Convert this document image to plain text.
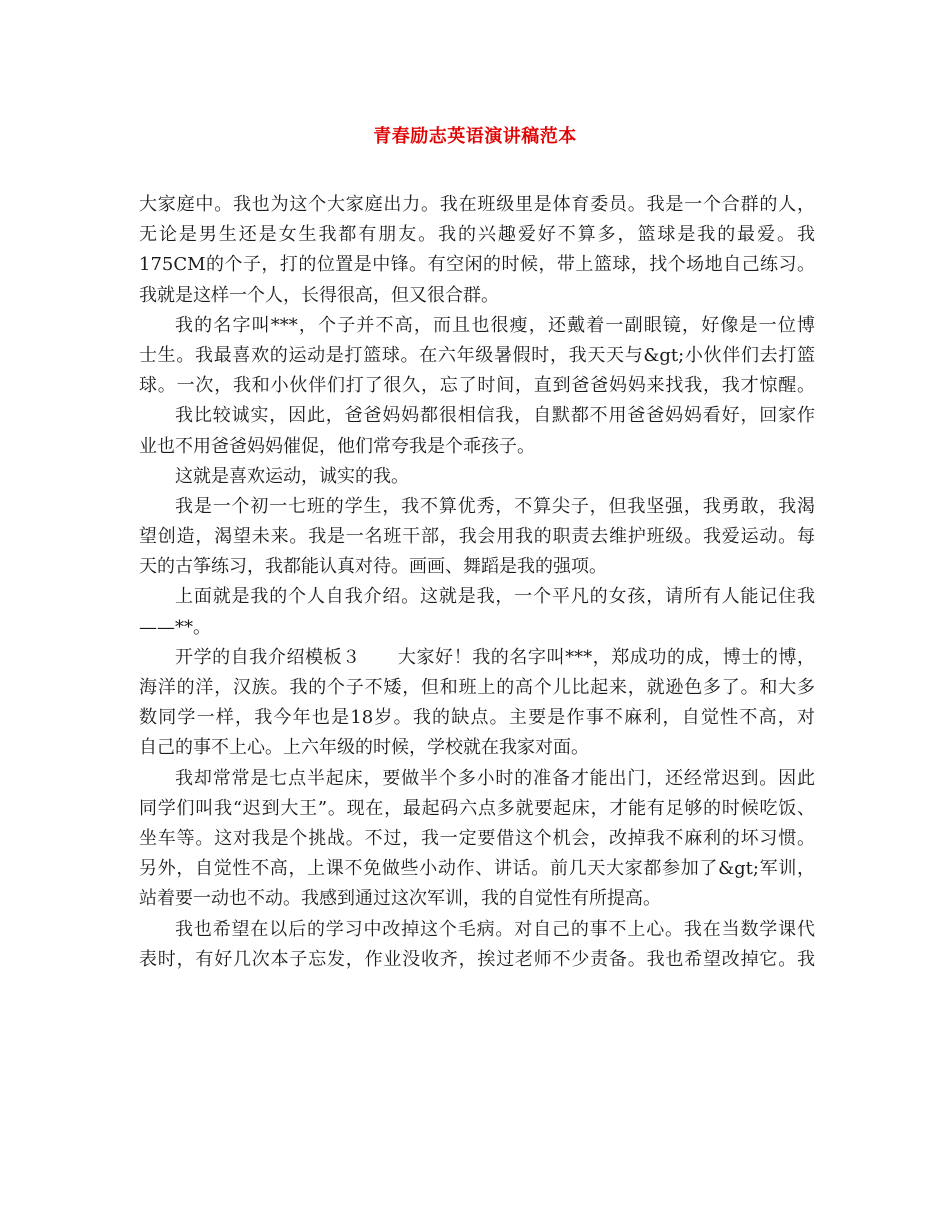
青春励志英语演讲稿范本
大家庭中。我也为这个大家庭出力。我在班级里是体育委员。我是一个合群的人，
无论是男生还是女生我都有朋友。我的兴趣爱好不算多，篮球是我的最爱。我
175CM的个子，打的位置是中锋。有空闲的时候，带上篮球，找个场地自己练习。
我就是这样一个人，长得很高，但又很合群。
我的名字叫***，个子并不高，而且也很瘦，还戴着一副眼镜，好像是一位博
士生。我最喜欢的运动是打篮球。在六年级暑假时，我天天与&gt;小伙伴们去打篮
球。一次，我和小伙伴们打了很久，忘了时间，直到爸爸妈妈来找我，我才惊醒。
我比较诚实，因此，爸爸妈妈都很相信我，自默都不用爸爸妈妈看好，回家作
业也不用爸爸妈妈催促，他们常夸我是个乖孩子。
这就是喜欢运动，诚实的我。
我是一个初一七班的学生，我不算优秀，不算尖子，但我坚强，我勇敢，我渴
望创造，渴望未来。我是一名班干部，我会用我的职责去维护班级。我爱运动。每
天的古筝练习，我都能认真对待。画画、舞蹈是我的强项。
上面就是我的个人自我介绍。这就是我，一个平凡的女孩，请所有人能记住我
——**。
开学的自我介绍模板３　　大家好！我的名字叫***，郑成功的成，博士的博，
海洋的洋，汉族。我的个子不矮，但和班上的高个儿比起来，就逊色多了。和大多
数同学一样，我今年也是18岁。我的缺点。主要是作事不麻利，自觉性不高，对
自己的事不上心。上六年级的时候，学校就在我家对面。
我却常常是七点半起床，要做半个多小时的准备才能出门，还经常迟到。因此
同学们叫我“迟到大王”。现在，最起码六点多就要起床，才能有足够的时候吃饭、
坐车等。这对我是个挑战。不过，我一定要借这个机会，改掉我不麻利的坏习惯。
另外，自觉性不高，上课不免做些小动作、讲话。前几天大家都参加了&gt;军训，
站着要一动也不动。我感到通过这次军训，我的自觉性有所提高。
我也希望在以后的学习中改掉这个毛病。对自己的事不上心。我在当数学课代
表时，有好几次本子忘发，作业没收齐，挨过老师不少责备。我也希望改掉它。我
